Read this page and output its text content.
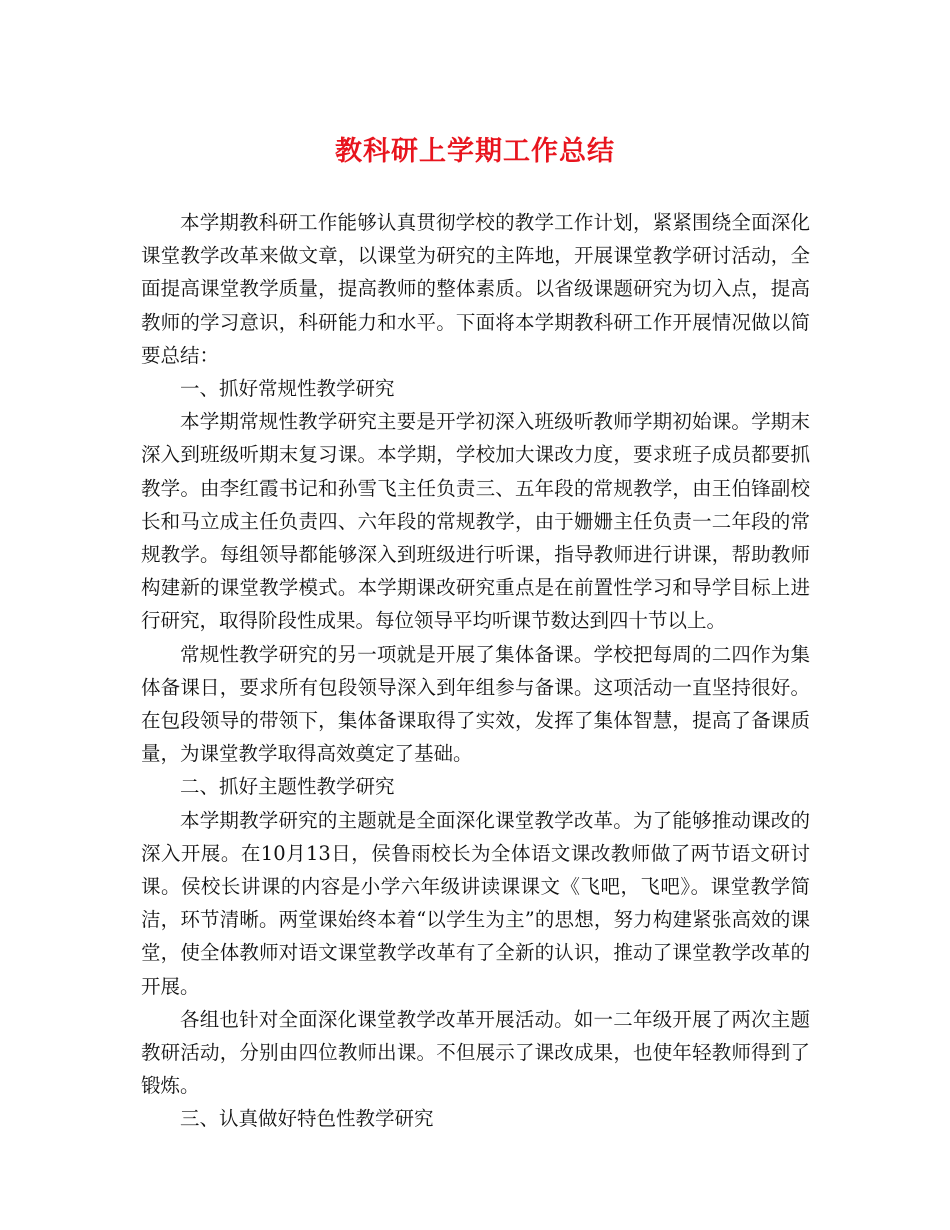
教科研上学期工作总结

本学期教科研工作能够认真贯彻学校的教学工作计划，紧紧围绕全面深化课堂教学改革来做文章，以课堂为研究的主阵地，开展课堂教学研讨活动，全面提高课堂教学质量，提高教师的整体素质。以省级课题研究为切入点，提高教师的学习意识，科研能力和水平。下面将本学期教科研工作开展情况做以简要总结：

一、抓好常规性教学研究

本学期常规性教学研究主要是开学初深入班级听教师学期初始课。学期末深入到班级听期末复习课。本学期，学校加大课改力度，要求班子成员都要抓教学。由李红霞书记和孙雪飞主任负责三、五年段的常规教学，由王伯锋副校长和马立成主任负责四、六年段的常规教学，由于姗姗主任负责一二年段的常规教学。每组领导都能够深入到班级进行听课，指导教师进行讲课，帮助教师构建新的课堂教学模式。本学期课改研究重点是在前置性学习和导学目标上进行研究，取得阶段性成果。每位领导平均听课节数达到四十节以上。

常规性教学研究的另一项就是开展了集体备课。学校把每周的二四作为集体备课日，要求所有包段领导深入到年组参与备课。这项活动一直坚持很好。在包段领导的带领下，集体备课取得了实效，发挥了集体智慧，提高了备课质量，为课堂教学取得高效奠定了基础。

二、抓好主题性教学研究

本学期教学研究的主题就是全面深化课堂教学改革。为了能够推动课改的深入开展。在10月13日，侯鲁雨校长为全体语文课改教师做了两节语文研讨课。侯校长讲课的内容是小学六年级讲读课课文《飞吧，飞吧》。课堂教学简洁，环节清晰。两堂课始终本着“以学生为主”的思想，努力构建紧张高效的课堂，使全体教师对语文课堂教学改革有了全新的认识，推动了课堂教学改革的开展。

各组也针对全面深化课堂教学改革开展活动。如一二年级开展了两次主题教研活动，分别由四位教师出课。不但展示了课改成果，也使年轻教师得到了锻炼。

三、认真做好特色性教学研究
